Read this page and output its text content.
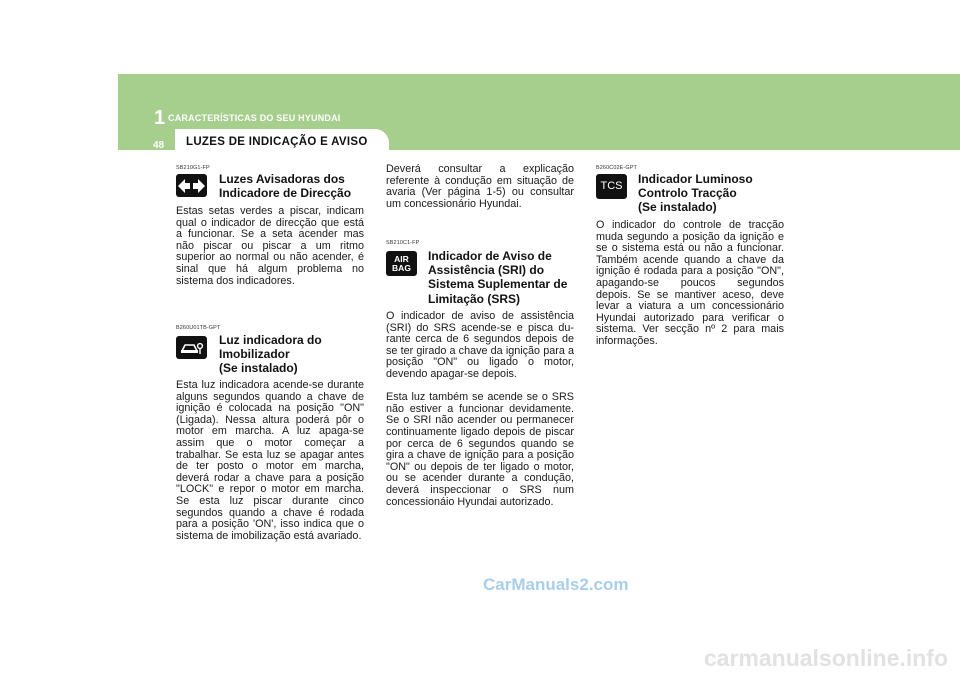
1 CARACTERÍSTICAS DO SEU HYUNDAI
LUZES DE INDICAÇÃO E AVISO
48
SB210G1-FP
Luzes Avisadoras dos
Indicadore de Direcção

Estas setas verdes a piscar, indicam qual o indicador de direcção que está a funcionar. Se a seta acender mas não piscar ou piscar a um ritmo superior ao normal ou não acender, é sinal que há algum problema no sistema dos indicadores.

B260U01TB-GPT
Luz indicadora do
Imobilizador
(Se instalado)

Esta luz indicadora acende-se durante alguns segundos quando a chave de ignição é colocada na posição "ON" (Ligada). Nessa altura poderá pôr o motor em marcha. A luz apaga-se assim que o motor começar a trabalhar. Se esta luz se apagar antes de ter posto o motor em marcha, deverá rodar a chave para a posição "LOCK" e repor o motor em marcha. Se esta luz piscar durante cinco segundos quando a chave é rodada para a posição 'ON', isso indica que o sistema de imobilização está avariado.

Deverá consultar a explicação referente à condução em situação de avaria (Ver página 1-5) ou consultar um concessionário Hyundai.

SB210C1-FP
AIR
BAG
Indicador de Aviso de
Assistência (SRI) do
Sistema Suplementar de
Limitação (SRS)

O indicador de aviso de assistência (SRI) do SRS acende-se e pisca du-rante cerca de 6 segundos depois de se ter girado a chave da ignição para a posição "ON" ou ligado o motor, devendo apagar-se depois.

Esta luz também se acende se o SRS não estiver a funcionar devidamente. Se o SRI não acender ou permanecer continuamente ligado depois de piscar por cerca de 6 segundos quando se gira a chave de ignição para a posição "ON" ou depois de ter ligado o motor, ou se acender durante a condução, deverá inspeccionar o SRS num concessionáio Hyundai autorizado.

B260C02E-GPT
TCS Indicador Luminoso
Controlo Tracção
(Se instalado)

O indicador do controle de tracção muda segundo a posição da ignição e se o sistema está ou não a funcionar. Também acende quando a chave da ignição é rodada para a posição "ON", apagando-se poucos segundos depois. Se se mantiver aceso, deve levar a viatura a um concessionário Hyundai autorizado para verificar o sistema. Ver secção nº 2 para mais informações.

CarManuals2.com
carmanualsonline.info
